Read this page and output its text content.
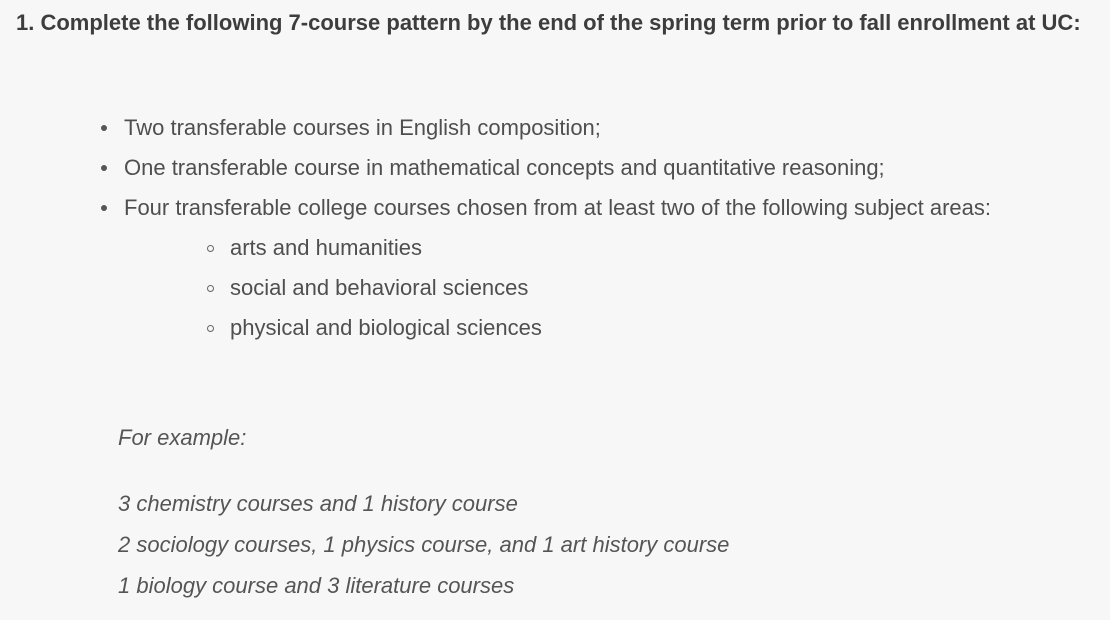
1. Complete the following 7-course pattern by the end of the spring term prior to fall enrollment at UC:

Two transferable courses in English composition;
One transferable course in mathematical concepts and quantitative reasoning;
Four transferable college courses chosen from at least two of the following subject areas:
arts and humanities
social and behavioral sciences
physical and biological sciences
For example:
3 chemistry courses and 1 history course
2 sociology courses, 1 physics course, and 1 art history course
1 biology course and 3 literature courses
